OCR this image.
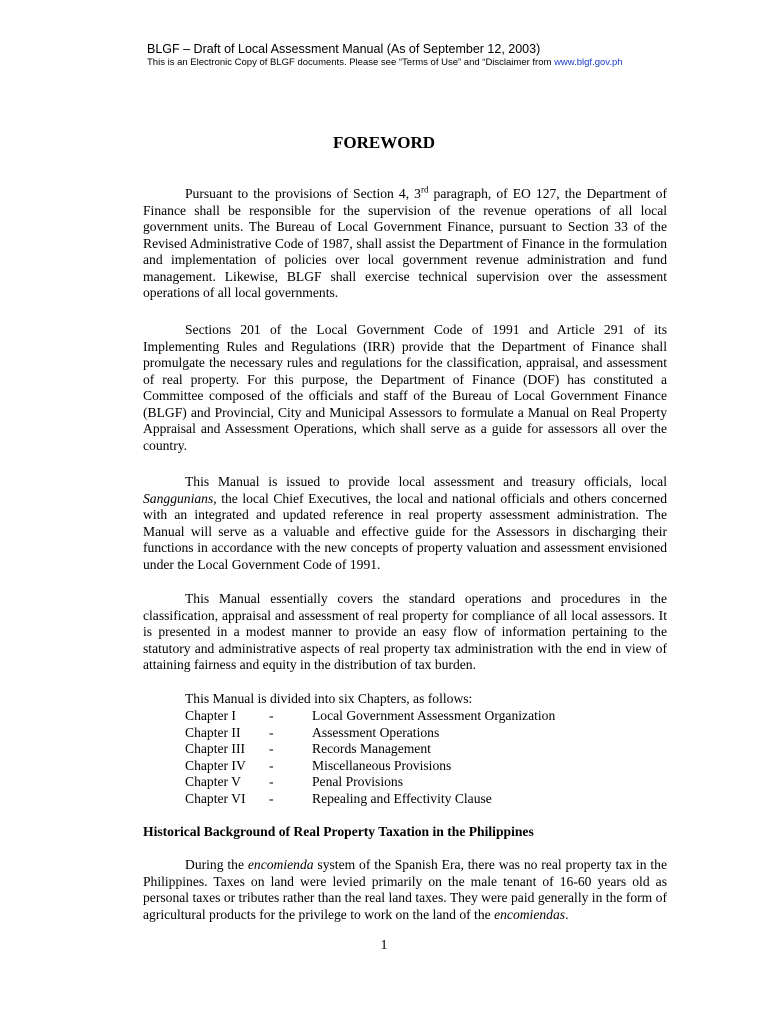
BLGF – Draft of Local Assessment Manual (As of September 12, 2003)
This is an Electronic Copy of BLGF documents. Please see “Terms of Use” and “Disclaimer from www.blgf.gov.ph
FOREWORD

Pursuant to the provisions of Section 4, 3rd paragraph, of EO 127, the Department of Finance shall be responsible for the supervision of the revenue operations of all local government units. The Bureau of Local Government Finance, pursuant to Section 33 of the Revised Administrative Code of 1987, shall assist the Department of Finance in the formulation and implementation of policies over local government revenue administration and fund management. Likewise, BLGF shall exercise technical supervision over the assessment operations of all local governments.

Sections 201 of the Local Government Code of 1991 and Article 291 of its Implementing Rules and Regulations (IRR) provide that the Department of Finance shall promulgate the necessary rules and regulations for the classification, appraisal, and assessment of real property. For this purpose, the Department of Finance (DOF) has constituted a Committee composed of the officials and staff of the Bureau of Local Government Finance (BLGF) and Provincial, City and Municipal Assessors to formulate a Manual on Real Property Appraisal and Assessment Operations, which shall serve as a guide for assessors all over the country.

This Manual is issued to provide local assessment and treasury officials, local Sanggunians, the local Chief Executives, the local and national officials and others concerned with an integrated and updated reference in real property assessment administration. The Manual will serve as a valuable and effective guide for the Assessors in discharging their functions in accordance with the new concepts of property valuation and assessment envisioned under the Local Government Code of 1991.

This Manual essentially covers the standard operations and procedures in the classification, appraisal and assessment of real property for compliance of all local assessors. It is presented in a modest manner to provide an easy flow of information pertaining to the statutory and administrative aspects of real property tax administration with the end in view of attaining fairness and equity in the distribution of tax burden.

This Manual is divided into six Chapters, as follows:
Chapter I	-	Local Government Assessment Organization
Chapter II	-	Assessment Operations
Chapter III	-	Records Management
Chapter IV	-	Miscellaneous Provisions
Chapter V	-	Penal Provisions
Chapter VI	-	Repealing and Effectivity Clause
Historical Background of Real Property Taxation in the Philippines

During the encomienda system of the Spanish Era, there was no real property tax in the Philippines. Taxes on land were levied primarily on the male tenant of 16-60 years old as personal taxes or tributes rather than the real land taxes. They were paid generally in the form of agricultural products for the privilege to work on the land of the encomiendas.

1
